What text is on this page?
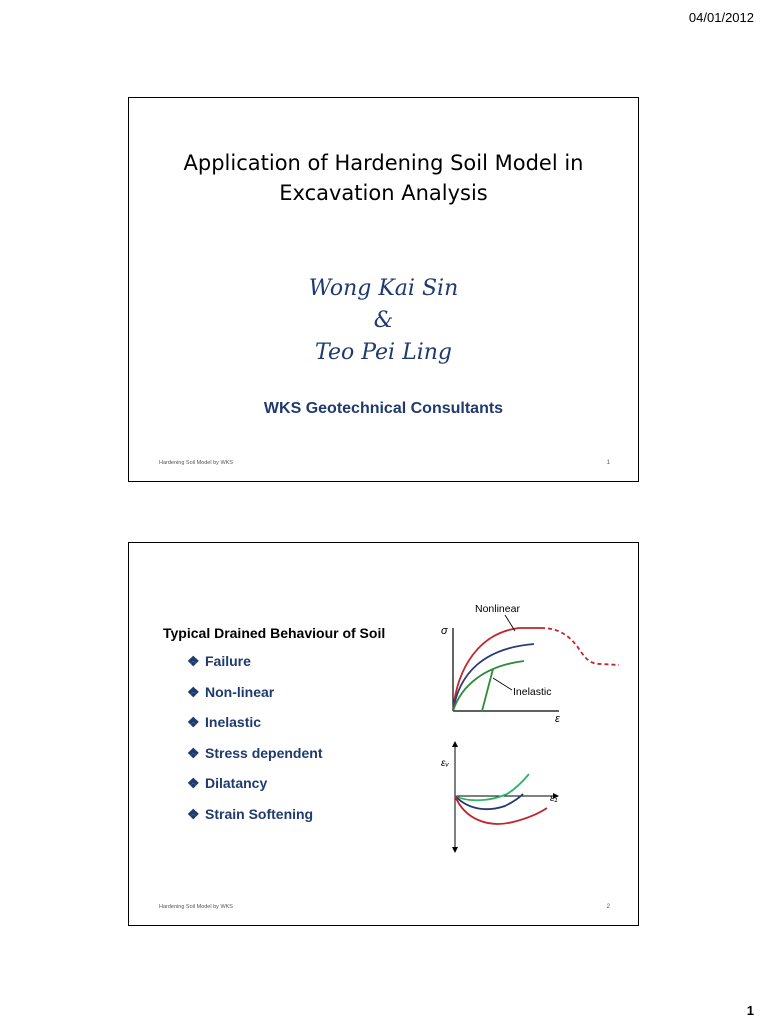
04/01/2012
Application of Hardening Soil Model in
Excavation Analysis
Wong Kai Sin
&
Teo Pei Ling
WKS Geotechnical Consultants
Hardening Soil Model by WKS	1
Typical Drained Behaviour of Soil
❖ Failure
❖ Non-linear
❖ Inelastic
❖ Stress dependent
❖ Dilatancy
❖ Strain Softening
σ
ε
Nonlinear
Inelastic
εᵥ
ε₁
Hardening Soil Model by WKS	2
1
